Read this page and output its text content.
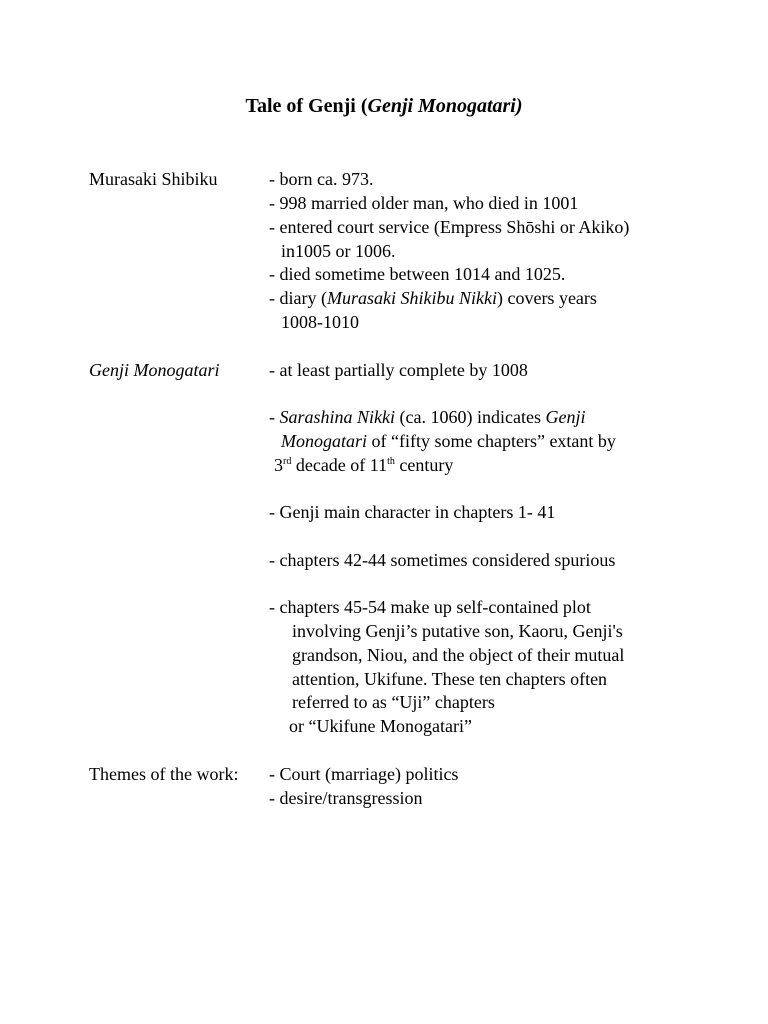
Tale of Genji (Genji Monogatari)
Murasaki Shibiku	- born ca. 973.
- 998 married older man, who died in 1001
- entered court service (Empress Shōshi or Akiko)
in1005 or 1006.
- died sometime between 1014 and 1025.
- diary (Murasaki Shikibu Nikki) covers years
1008-1010
Genji Monogatari	- at least partially complete by 1008
- Sarashina Nikki (ca. 1060) indicates Genji
Monogatari of “fifty some chapters” extant by
3rd decade of 11th century
- Genji main character in chapters 1- 41
- chapters 42-44 sometimes considered spurious
- chapters 45-54 make up self-contained plot
involving Genji’s putative son, Kaoru, Genji's
grandson, Niou, and the object of their mutual
attention, Ukifune. These ten chapters often
referred to as “Uji” chapters
or “Ukifune Monogatari”
Themes of the work: - Court (marriage) politics
- desire/transgression
